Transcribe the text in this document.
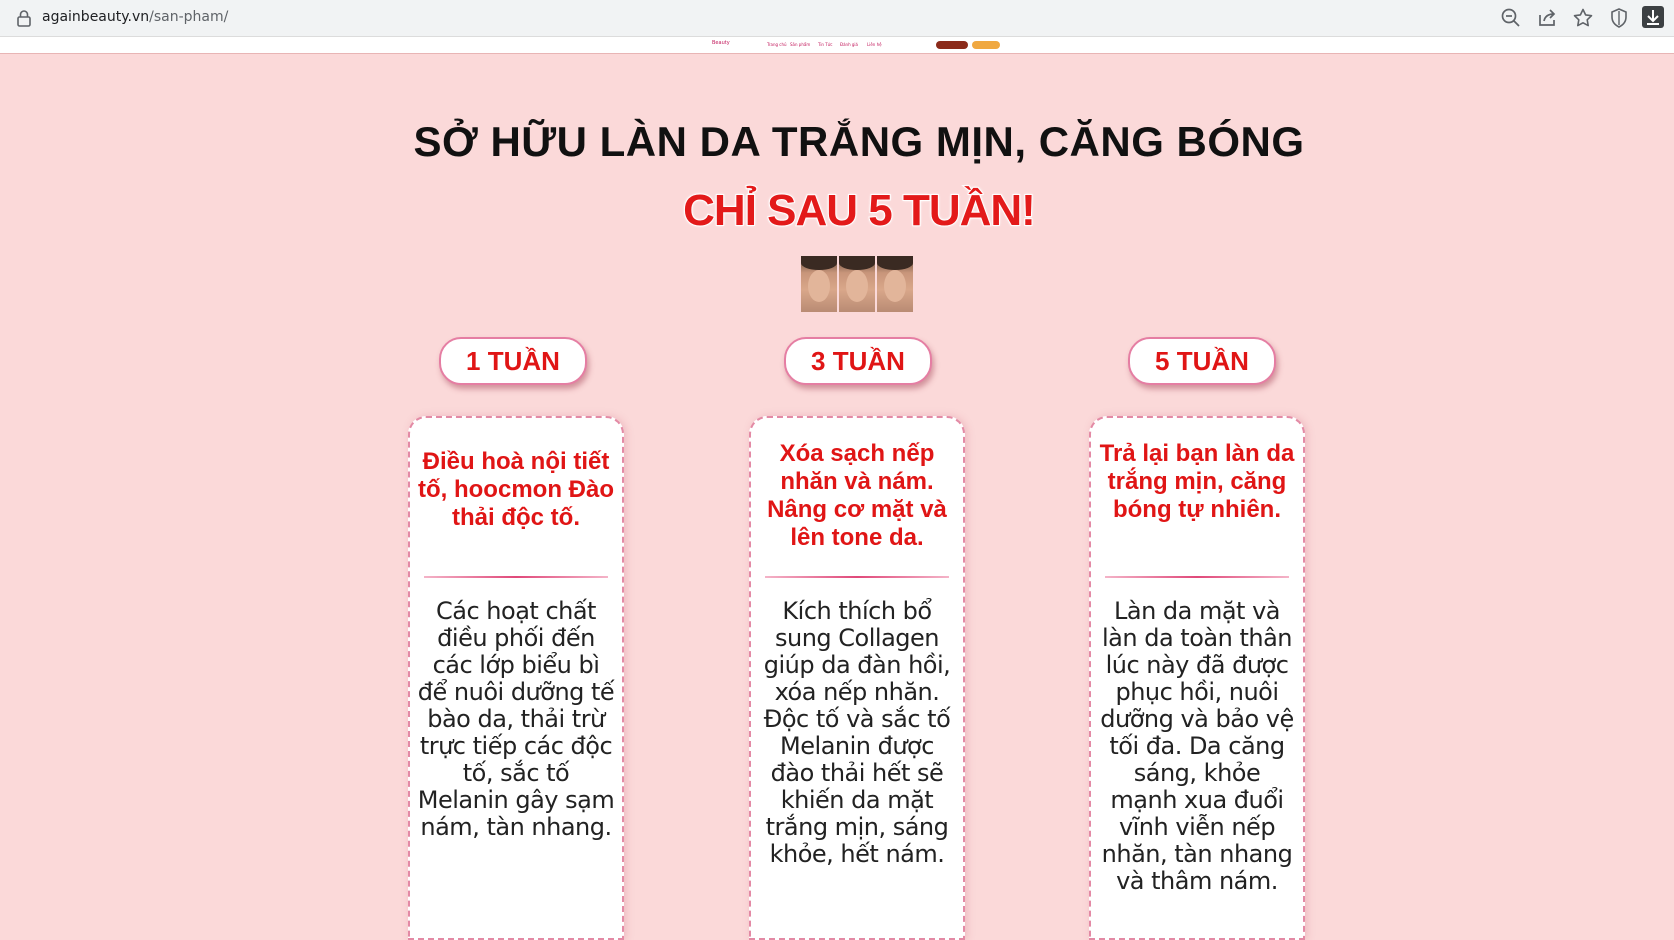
againbeauty.vn/san-pham/
Beauty	Trang chủ Sản phẩm Tin Tức Đánh giá Liên hệ
SỞ HỮU LÀN DA TRẮNG MỊN, CĂNG BÓNG
CHỈ SAU 5 TUẦN!
1 TUẦN	3 TUẦN	5 TUẦN
Điều hoà nội tiết tố, hoocmon Đào thải độc tố.
Các hoạt chất điều phối đến các lớp biểu bì để nuôi dưỡng tế bào da, thải trừ trực tiếp các độc tố, sắc tố Melanin gây sạm nám, tàn nhang.
Xóa sạch nếp nhăn và nám. Nâng cơ mặt và lên tone da.
Kích thích bổ sung Collagen giúp da đàn hồi, xóa nếp nhăn. Độc tố và sắc tố Melanin được đào thải hết sẽ khiến da mặt trắng mịn, sáng khỏe, hết nám.
Trả lại bạn làn da trắng mịn, căng bóng tự nhiên.
Làn da mặt và làn da toàn thân lúc này đã được phục hồi, nuôi dưỡng và bảo vệ tối đa. Da căng sáng, khỏe mạnh xua đuổi vĩnh viễn nếp nhăn, tàn nhang và thâm nám.
